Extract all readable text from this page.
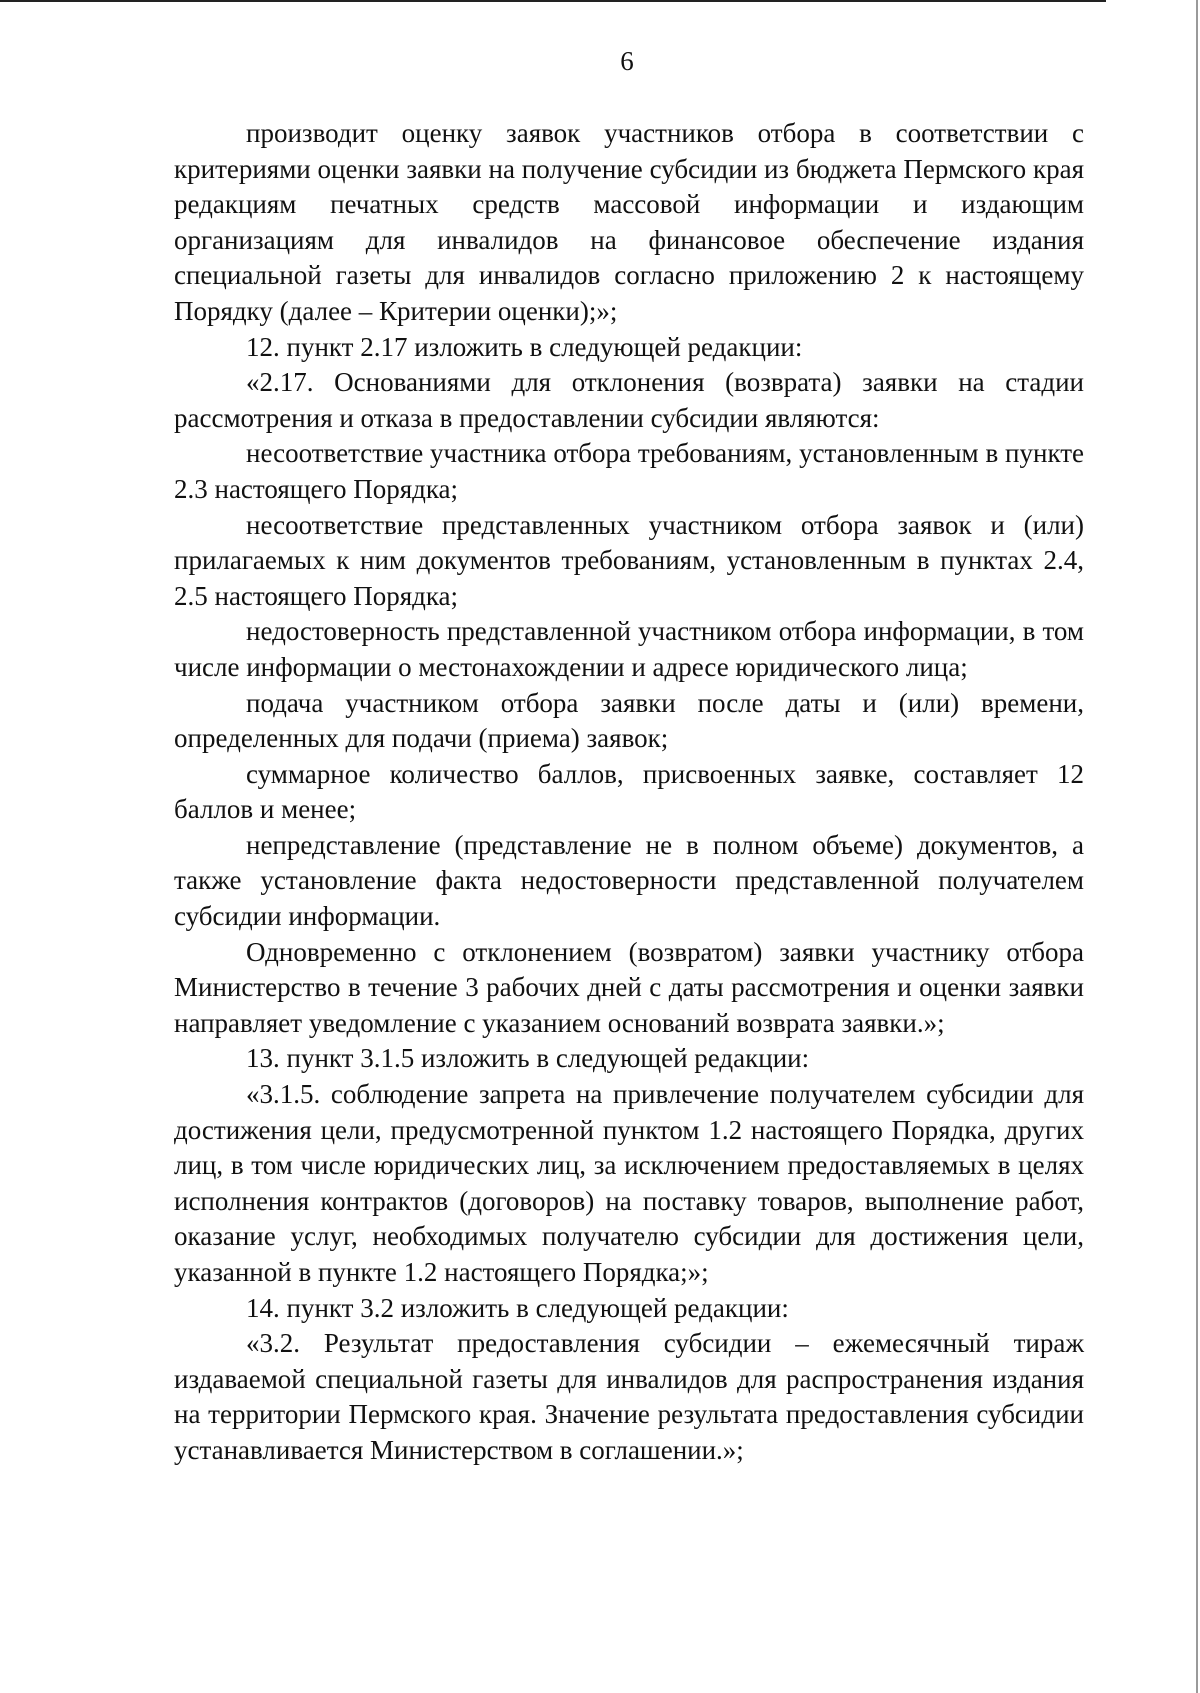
6

производит оценку заявок участников отбора в соответствии с критериями оценки заявки на получение субсидии из бюджета Пермского края редакциям печатных средств массовой информации и издающим организациям для инвалидов на финансовое обеспечение издания специальной газеты для инвалидов согласно приложению 2 к настоящему Порядку (далее – Критерии оценки);»;

12. пункт 2.17 изложить в следующей редакции:

«2.17. Основаниями для отклонения (возврата) заявки на стадии рассмотрения и отказа в предоставлении субсидии являются:

несоответствие участника отбора требованиям, установленным в пункте 2.3 настоящего Порядка;

несоответствие представленных участником отбора заявок и (или) прилагаемых к ним документов требованиям, установленным в пунктах 2.4, 2.5 настоящего Порядка;

недостоверность представленной участником отбора информации, в том числе информации о местонахождении и адресе юридического лица;

подача участником отбора заявки после даты и (или) времени, определенных для подачи (приема) заявок;

суммарное количество баллов, присвоенных заявке, составляет 12 баллов и менее;

непредставление (представление не в полном объеме) документов, а также установление факта недостоверности представленной получателем субсидии информации.

Одновременно с отклонением (возвратом) заявки участнику отбора Министерство в течение 3 рабочих дней с даты рассмотрения и оценки заявки направляет уведомление с указанием оснований возврата заявки.»;

13. пункт 3.1.5 изложить в следующей редакции:

«3.1.5. соблюдение запрета на привлечение получателем субсидии для достижения цели, предусмотренной пунктом 1.2 настоящего Порядка, других лиц, в том числе юридических лиц, за исключением предоставляемых в целях исполнения контрактов (договоров) на поставку товаров, выполнение работ, оказание услуг, необходимых получателю субсидии для достижения цели, указанной в пункте 1.2 настоящего Порядка;»;

14. пункт 3.2 изложить в следующей редакции:

«3.2. Результат предоставления субсидии – ежемесячный тираж издаваемой специальной газеты для инвалидов для распространения издания на территории Пермского края. Значение результата предоставления субсидии устанавливается Министерством в соглашении.»;
